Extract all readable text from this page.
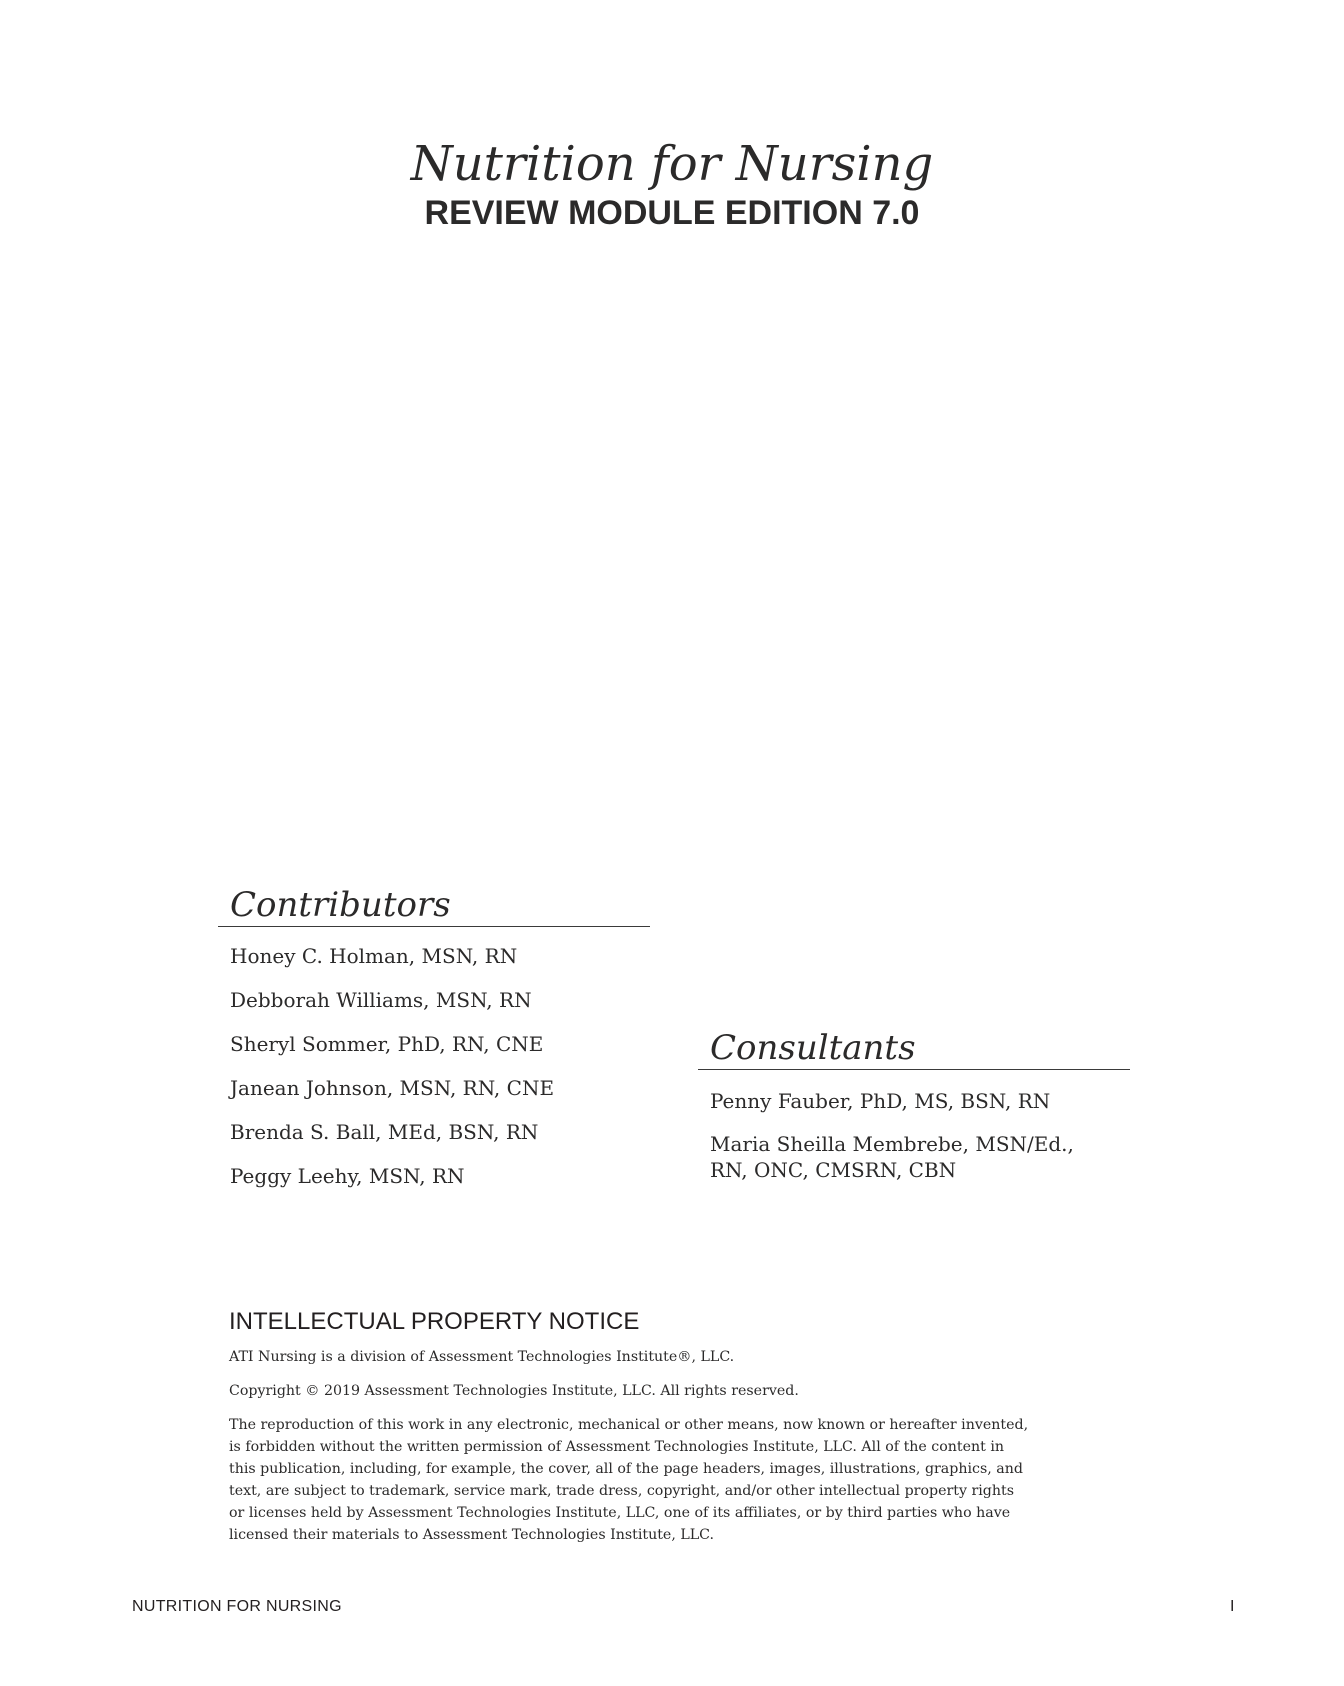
Nutrition for Nursing
REVIEW MODULE EDITION 7.0
Contributors
Honey C. Holman, MSN, RN
Debborah Williams, MSN, RN
Sheryl Sommer, PhD, RN, CNE
Janean Johnson, MSN, RN, CNE
Brenda S. Ball, MEd, BSN, RN
Peggy Leehy, MSN, RN
Consultants
Penny Fauber, PhD, MS, BSN, RN
Maria Sheilla Membrebe, MSN/Ed.,
RN, ONC, CMSRN, CBN
INTELLECTUAL PROPERTY NOTICE

ATI Nursing is a division of Assessment Technologies Institute®, LLC.

Copyright © 2019 Assessment Technologies Institute, LLC. All rights reserved.

The reproduction of this work in any electronic, mechanical or other means, now known or hereafter invented, is forbidden without the written permission of Assessment Technologies Institute, LLC. All of the content in this publication, including, for example, the cover, all of the page headers, images, illustrations, graphics, and text, are subject to trademark, service mark, trade dress, copyright, and/or other intellectual property rights or licenses held by Assessment Technologies Institute, LLC, one of its affiliates, or by third parties who have licensed their materials to Assessment Technologies Institute, LLC.

NUTRITION FOR NURSING	I
